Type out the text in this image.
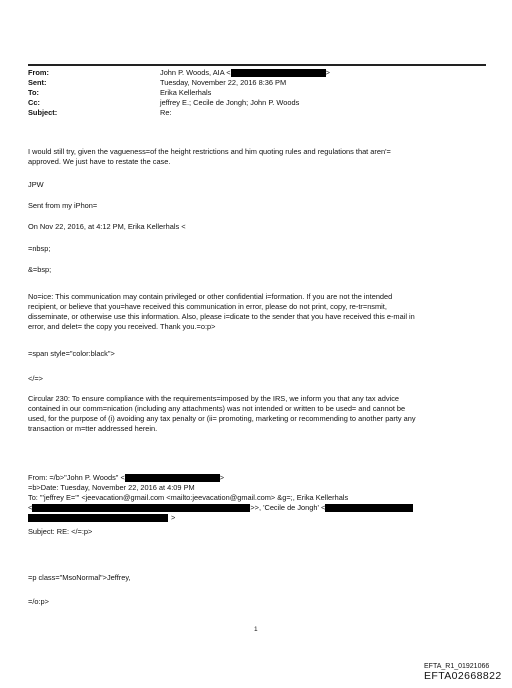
From:	John P. Woods, AIA <	>
Sent:	Tuesday, November 22, 2016 8:36 PM
To:	Erika Kellerhals
Cc:	jeffrey E.; Cecile de Jongh; John P. Woods
Subject:	Re:
I would still try, given the vagueness=of the height restrictions and him quoting rules and regulations that aren'=
approved. We just have to restate the case.
JPW
Sent from my iPhon=
On Nov 22, 2016, at 4:12 PM, Erika Kellerhals <
=nbsp;
&=bsp;
No=ice: This communication may contain privileged or other confidential i=formation. If you are not the intended
recipient, or believe that you=have received this communication in error, please do not print, copy, re-tr=nsmit,
disseminate, or otherwise use this information. Also, please i=dicate to the sender that you have received this e-mail in
error, and delet= the copy you received. Thank you.=o:p>
=span style="color:black">
</=>
Circular 230: To ensure compliance with the requirements=imposed by the IRS, we inform you that any tax advice
contained in our comm=nication (including any attachments) was not intended or written to be used= and cannot be
used, for the purpose of (i) avoiding any tax penalty or (ii= promoting, marketing or recommending to another party any
transaction or m=tter addressed herein.
From: =/b>"John P. Woods" <	>
=b>Date: Tuesday, November 22, 2016 at 4:09 PM
To: "'jeffrey E='" <jeevacation@gmail.com <mailto:jeevacation@gmail.com> &g=;, Erika Kellerhals
<	>>, 'Cecile de Jongh' <
>
Subject: RE: </=:p>
=p class="MsoNormal">Jeffrey,
=/o:p>
1
EFTA_R1_01921066
EFTA02668822
